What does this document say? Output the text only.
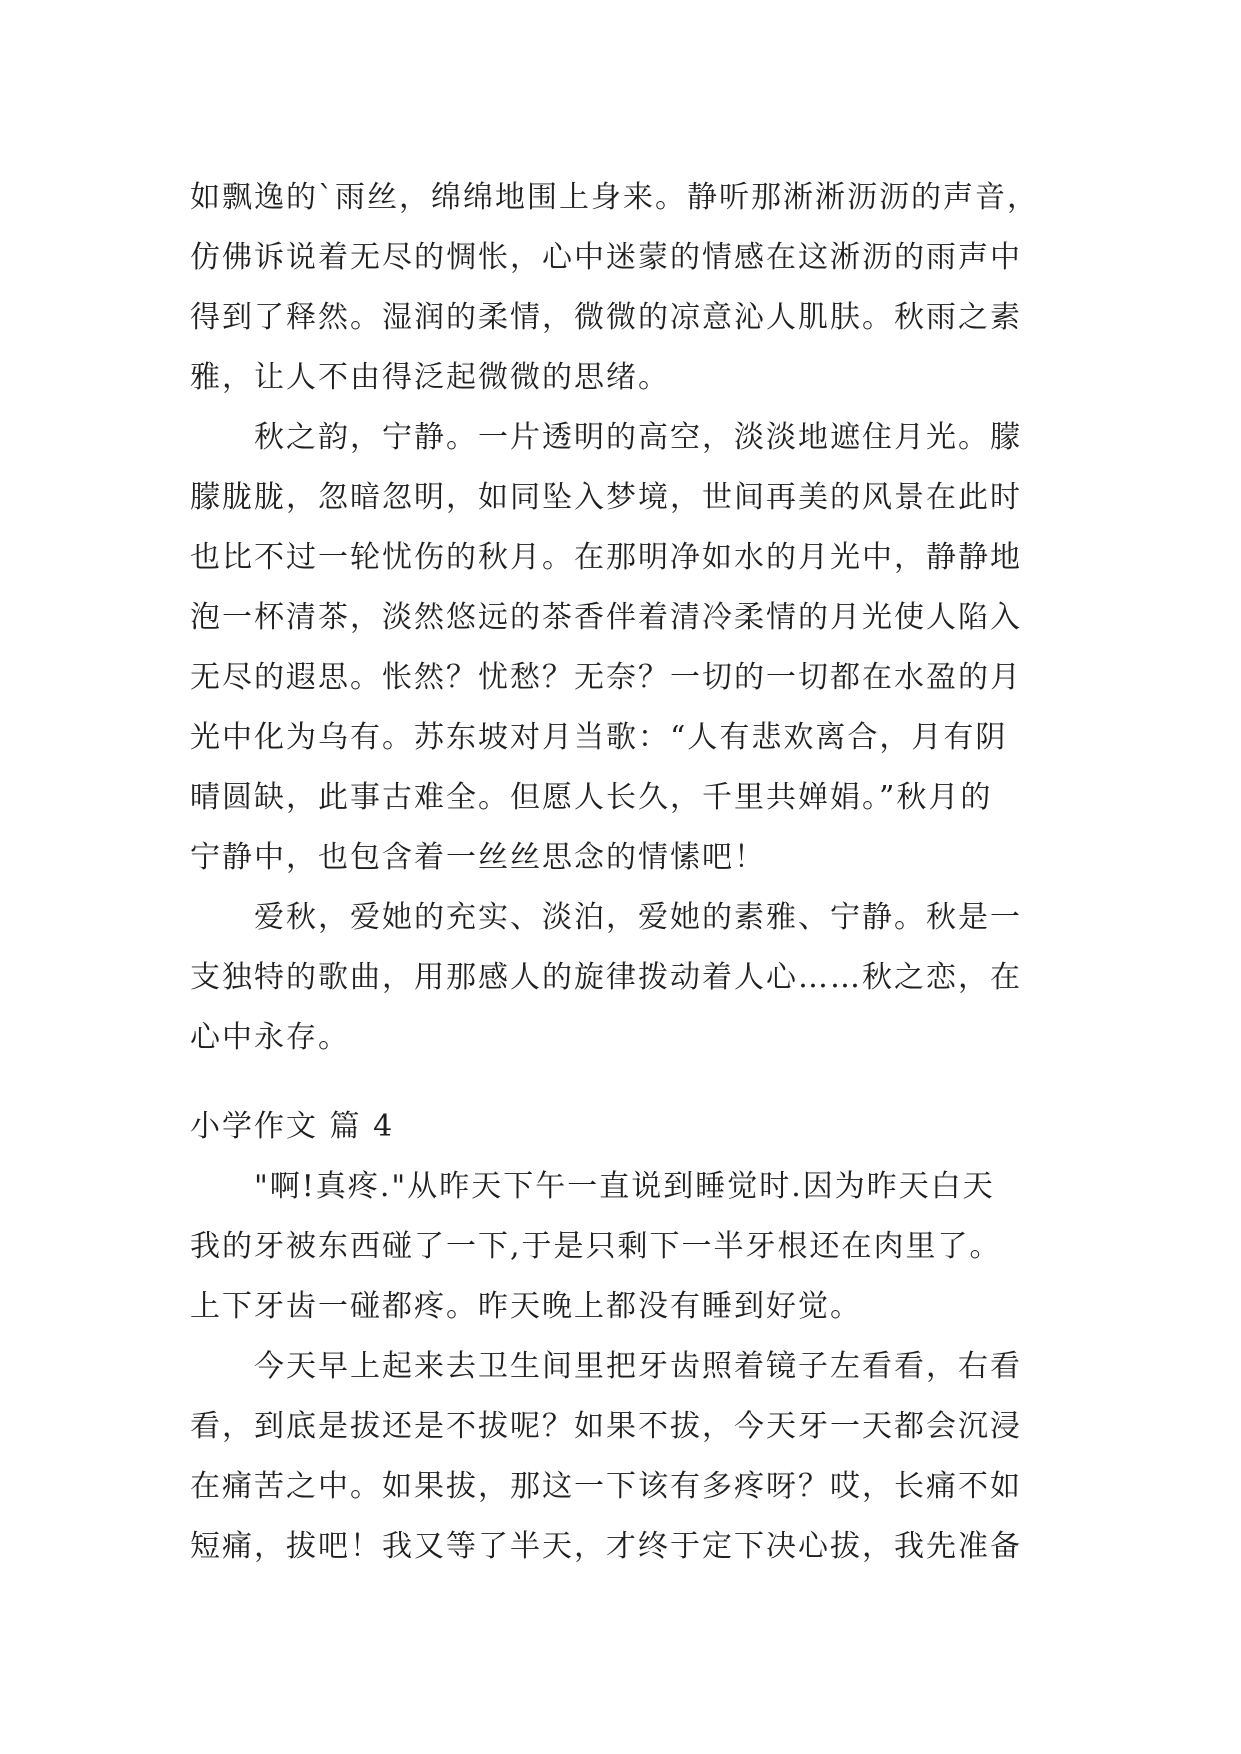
如飘逸的`雨丝，绵绵地围上身来。静听那淅淅沥沥的声音，
仿佛诉说着无尽的惆怅，心中迷蒙的情感在这淅沥的雨声中
得到了释然。湿润的柔情，微微的凉意沁人肌肤。秋雨之素
雅，让人不由得泛起微微的思绪。
秋之韵，宁静。一片透明的高空，淡淡地遮住月光。朦
朦胧胧，忽暗忽明，如同坠入梦境，世间再美的风景在此时
也比不过一轮忧伤的秋月。在那明净如水的月光中，静静地
泡一杯清茶，淡然悠远的茶香伴着清冷柔情的月光使人陷入
无尽的遐思。怅然？忧愁？无奈？一切的一切都在水盈的月
光中化为乌有。苏东坡对月当歌：“人有悲欢离合，月有阴
晴圆缺，此事古难全。但愿人长久，千里共婵娟。”秋月的
宁静中，也包含着一丝丝思念的情愫吧！
爱秋，爱她的充实、淡泊，爱她的素雅、宁静。秋是一
支独特的歌曲，用那感人的旋律拨动着人心……秋之恋，在
心中永存。
小学作文 篇 4
"啊!真疼."从昨天下午一直说到睡觉时.因为昨天白天
我的牙被东西碰了一下,于是只剩下一半牙根还在肉里了。
上下牙齿一碰都疼。昨天晚上都没有睡到好觉。
今天早上起来去卫生间里把牙齿照着镜子左看看，右看
看，到底是拔还是不拔呢？如果不拔，今天牙一天都会沉浸
在痛苦之中。如果拔，那这一下该有多疼呀？哎，长痛不如
短痛，拔吧！我又等了半天，才终于定下决心拔，我先准备
